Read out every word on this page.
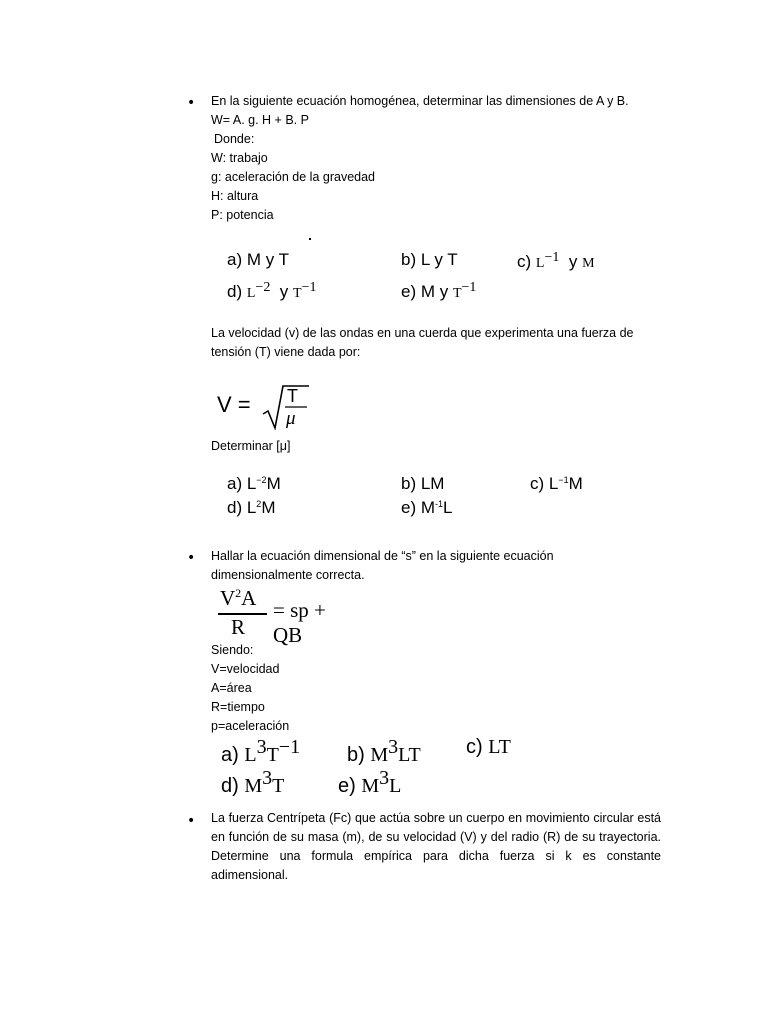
• En la siguiente ecuación homogénea, determinar las dimensiones de A y B.
W= A. g. H + B. P
Donde:
W: trabajo
g: aceleración de la gravedad
H: altura
P: potencia
a) M y T	b) L y T	c) $L^{-1}$ y M
d) $L^{-2}$ y $T^{-1}$	e) M y $T^{-1}$
La velocidad (v) de las ondas en una cuerda que experimenta una fuerza de
tensión (T) viene dada por:
V = T
μ
Determinar [μ]
a) $L^{-2}M$	b) LM	c) $L^{-1}M$
d) $L^2M$	e) $M^{-1}L$
• Hallar la ecuación dimensional de “s” en la siguiente ecuación
dimensionalmente correcta.
$V^2A$
R
= sp + QB
Siendo:
V=velocidad
A=área
R=tiempo
p=aceleración
a) $L^3T^{-1}$ b) $M^3LT$ c) LT
d) $M^3T$	e) $M^3L$
• La fuerza Centrípeta (Fc) que actúa sobre un cuerpo en movimiento circular está
en función de su masa (m), de su velocidad (V) y del radio (R) de su trayectoria.
Determine una formula empírica para dicha fuerza si k es constante
adimensional.
